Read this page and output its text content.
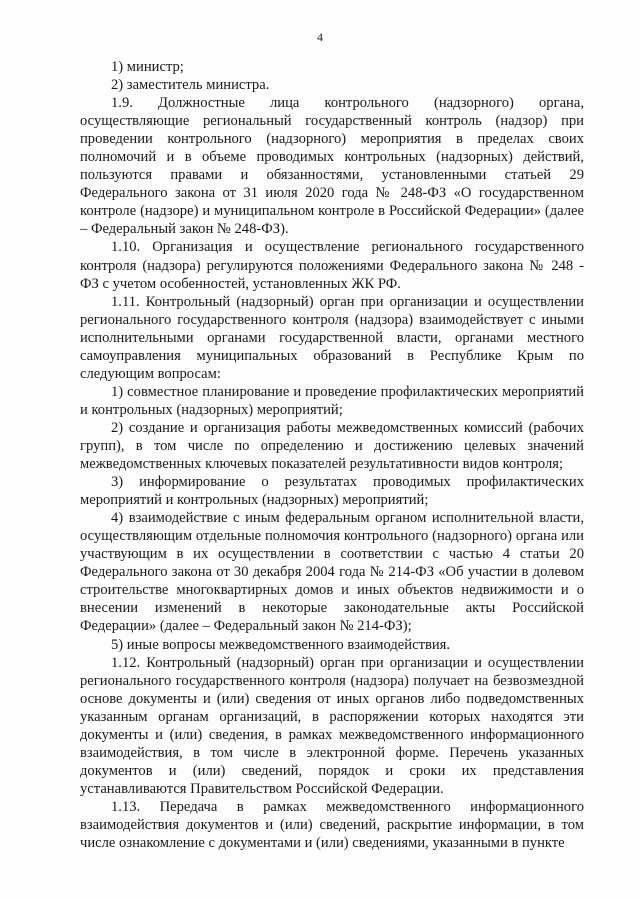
4

1) министр;

2) заместитель министра.

1.9. Должностные лица контрольного (надзорного) органа, осуществляющие региональный государственный контроль (надзор) при проведении контрольного (надзорного) мероприятия в пределах своих полномочий и в объеме проводимых контрольных (надзорных) действий, пользуются правами и обязанностями, установленными статьей 29 Федерального закона от 31 июля 2020 года № 248-ФЗ «О государственном контроле (надзоре) и муниципальном контроле в Российской Федерации» (далее – Федеральный закон № 248-ФЗ).

1.10. Организация и осуществление регионального государственного контроля (надзора) регулируются положениями Федерального закона № 248 - ФЗ с учетом особенностей, установленных ЖК РФ.

1.11. Контрольный (надзорный) орган при организации и осуществлении регионального государственного контроля (надзора) взаимодействует с иными исполнительными органами государственной власти, органами местного самоуправления муниципальных образований в Республике Крым по следующим вопросам:

1) совместное планирование и проведение профилактических мероприятий и контрольных (надзорных) мероприятий;

2) создание и организация работы межведомственных комиссий (рабочих групп), в том числе по определению и достижению целевых значений межведомственных ключевых показателей результативности видов контроля;

3) информирование о результатах проводимых профилактических мероприятий и контрольных (надзорных) мероприятий;

4) взаимодействие с иным федеральным органом исполнительной власти, осуществляющим отдельные полномочия контрольного (надзорного) органа или участвующим в их осуществлении в соответствии с частью 4 статьи 20 Федерального закона от 30 декабря 2004 года № 214-ФЗ «Об участии в долевом строительстве многоквартирных домов и иных объектов недвижимости и о внесении изменений в некоторые законодательные акты Российской Федерации» (далее – Федеральный закон № 214-ФЗ);

5) иные вопросы межведомственного взаимодействия.

1.12. Контрольный (надзорный) орган при организации и осуществлении регионального государственного контроля (надзора) получает на безвозмездной основе документы и (или) сведения от иных органов либо подведомственных указанным органам организаций, в распоряжении которых находятся эти документы и (или) сведения, в рамках межведомственного информационного взаимодействия, в том числе в электронной форме. Перечень указанных документов и (или) сведений, порядок и сроки их представления устанавливаются Правительством Российской Федерации.

1.13. Передача в рамках межведомственного информационного взаимодействия документов и (или) сведений, раскрытие информации, в том числе ознакомление с документами и (или) сведениями, указанными в пункте
